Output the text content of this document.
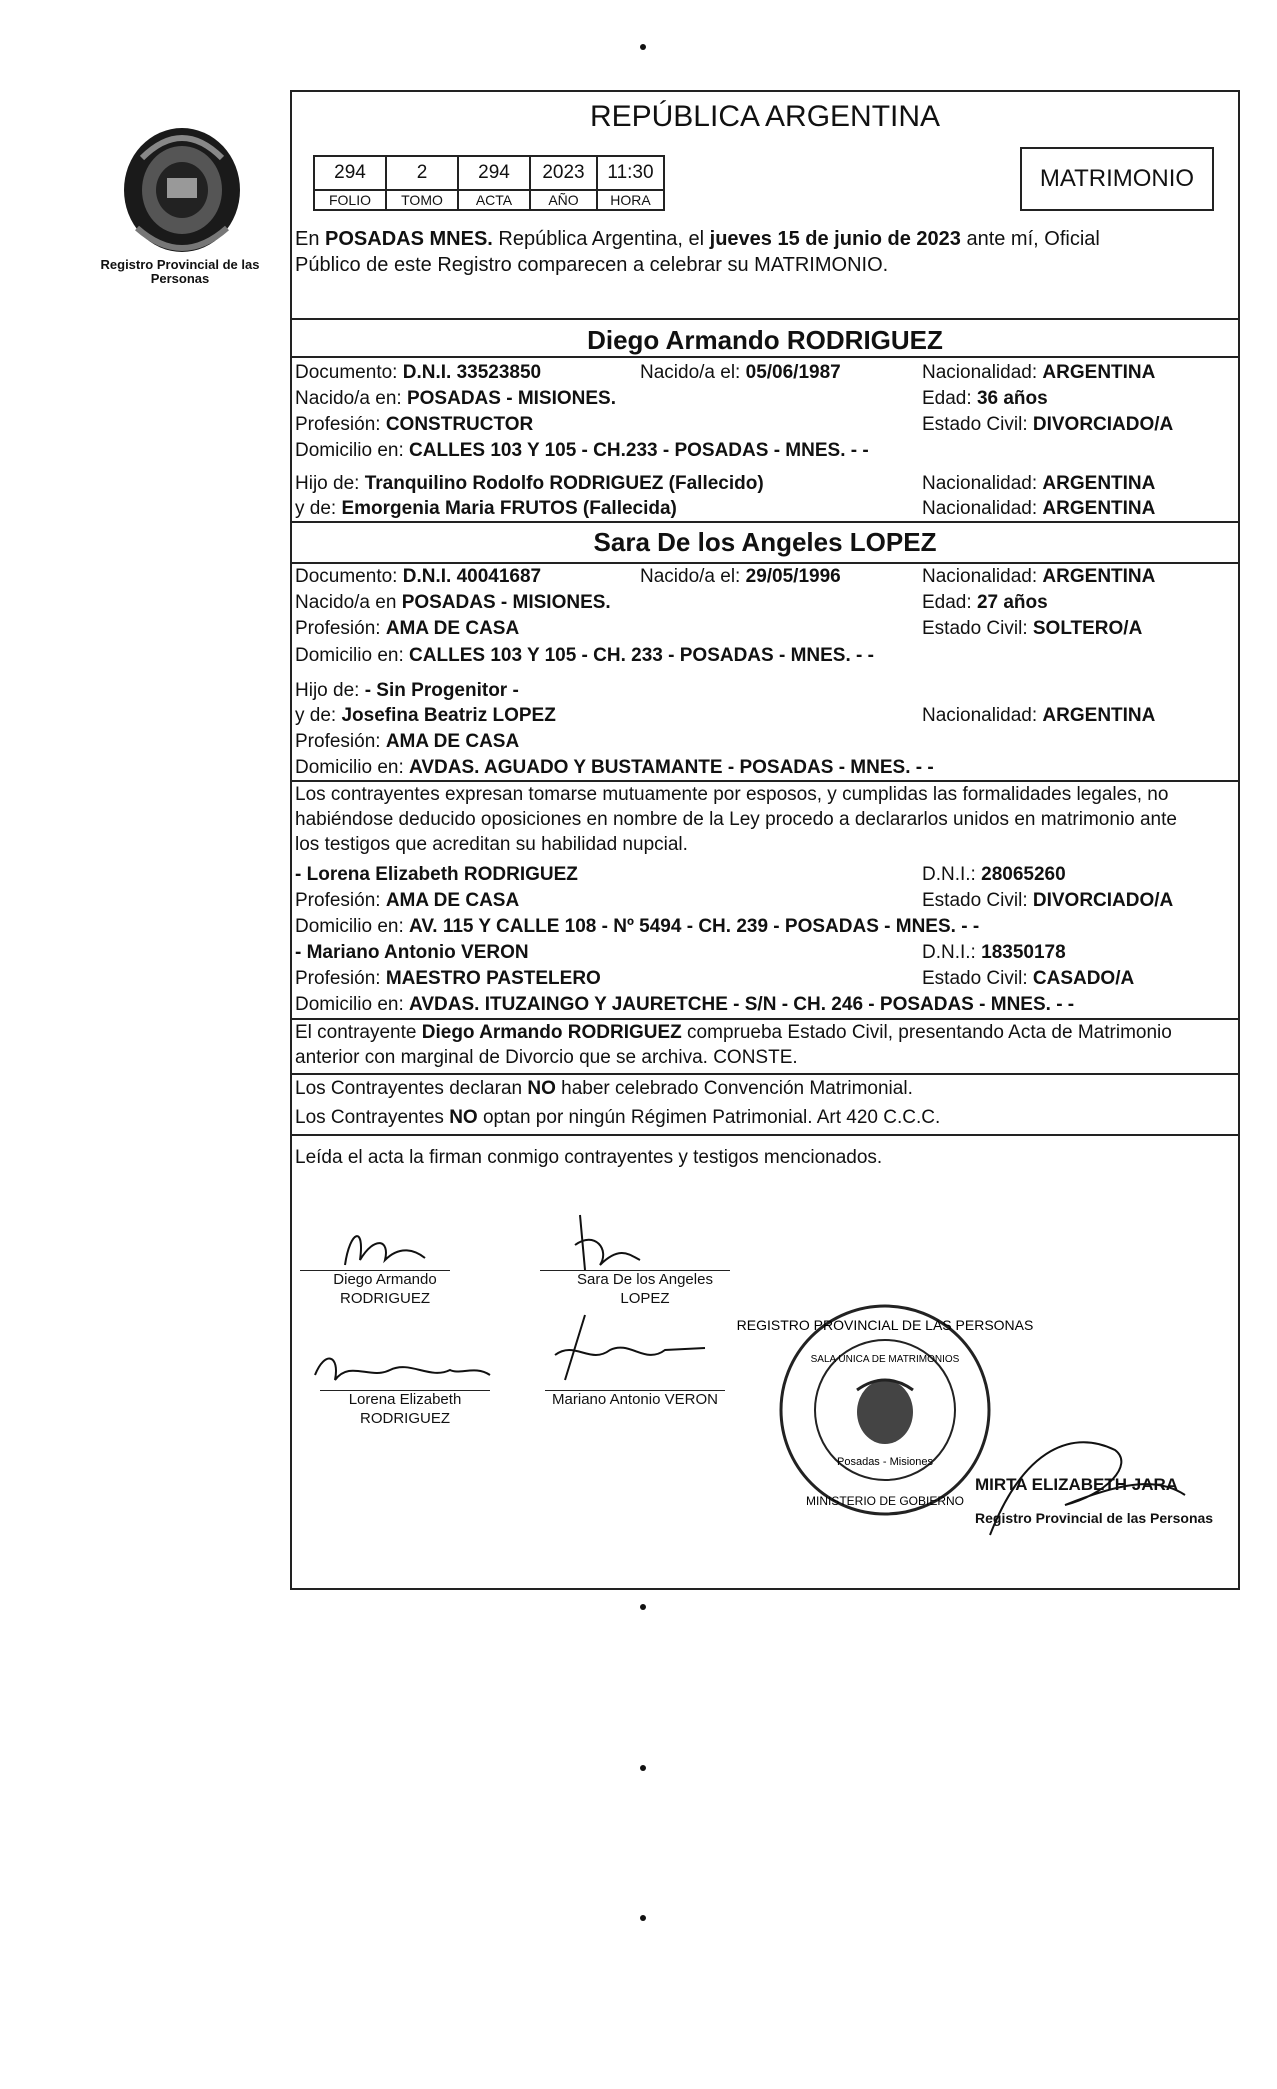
Registro Provincial de las Personas
REPÚBLICA ARGENTINA
294	2	294	2023	11:30
FOLIO	TOMO	ACTA	AÑO	HORA
MATRIMONIO
En POSADAS MNES. República Argentina, el jueves 15 de junio de 2023 ante mí, Oficial
Público de este Registro comparecen a celebrar su MATRIMONIO.
Diego Armando RODRIGUEZ
Documento: D.N.I. 33523850	Nacido/a el: 05/06/1987	Nacionalidad: ARGENTINA
Nacido/a en: POSADAS - MISIONES.	Edad: 36 años
Profesión: CONSTRUCTOR	Estado Civil: DIVORCIADO/A
Domicilio en: CALLES 103 Y 105 - CH.233 - POSADAS - MNES. - -
Hijo de: Tranquilino Rodolfo RODRIGUEZ (Fallecido)	Nacionalidad: ARGENTINA
y de: Emorgenia Maria FRUTOS (Fallecida)	Nacionalidad: ARGENTINA
Sara De los Angeles LOPEZ
Documento: D.N.I. 40041687	Nacido/a el: 29/05/1996	Nacionalidad: ARGENTINA
Nacido/a en POSADAS - MISIONES.	Edad: 27 años
Profesión: AMA DE CASA	Estado Civil: SOLTERO/A
Domicilio en: CALLES 103 Y 105 - CH. 233 - POSADAS - MNES. - -
Hijo de: - Sin Progenitor -
y de: Josefina Beatriz LOPEZ	Nacionalidad: ARGENTINA
Profesión: AMA DE CASA
Domicilio en: AVDAS. AGUADO Y BUSTAMANTE - POSADAS - MNES. - -
Los contrayentes expresan tomarse mutuamente por esposos, y cumplidas las formalidades legales, no
habiéndose deducido oposiciones en nombre de la Ley procedo a declararlos unidos en matrimonio ante
los testigos que acreditan su habilidad nupcial.
- Lorena Elizabeth RODRIGUEZ	D.N.I.: 28065260
Profesión: AMA DE CASA	Estado Civil: DIVORCIADO/A
Domicilio en: AV. 115 Y CALLE 108 - Nº 5494 - CH. 239 - POSADAS - MNES. - -
- Mariano Antonio VERON	D.N.I.: 18350178
Profesión: MAESTRO PASTELERO	Estado Civil: CASADO/A
Domicilio en: AVDAS. ITUZAINGO Y JAURETCHE - S/N - CH. 246 - POSADAS - MNES. - -
El contrayente Diego Armando RODRIGUEZ comprueba Estado Civil, presentando Acta de Matrimonio
anterior con marginal de Divorcio que se archiva. CONSTE.
Los Contrayentes declaran NO haber celebrado Convención Matrimonial.
Los Contrayentes NO optan por ningún Régimen Patrimonial. Art 420 C.C.C.
Leída el acta la firman conmigo contrayentes y testigos mencionados.
Diego Armando
RODRIGUEZ
Sara De los Angeles
LOPEZ
Lorena Elizabeth
RODRIGUEZ
Mariano Antonio VERON
REGISTRO PROVINCIAL DE LAS PERSONAS
SALA UNICA DE MATRIMONIOS
Posadas - Misiones
MINISTERIO DE GOBIERNO
MIRTA ELIZABETH JARA
Registro Provincial de las Personas
